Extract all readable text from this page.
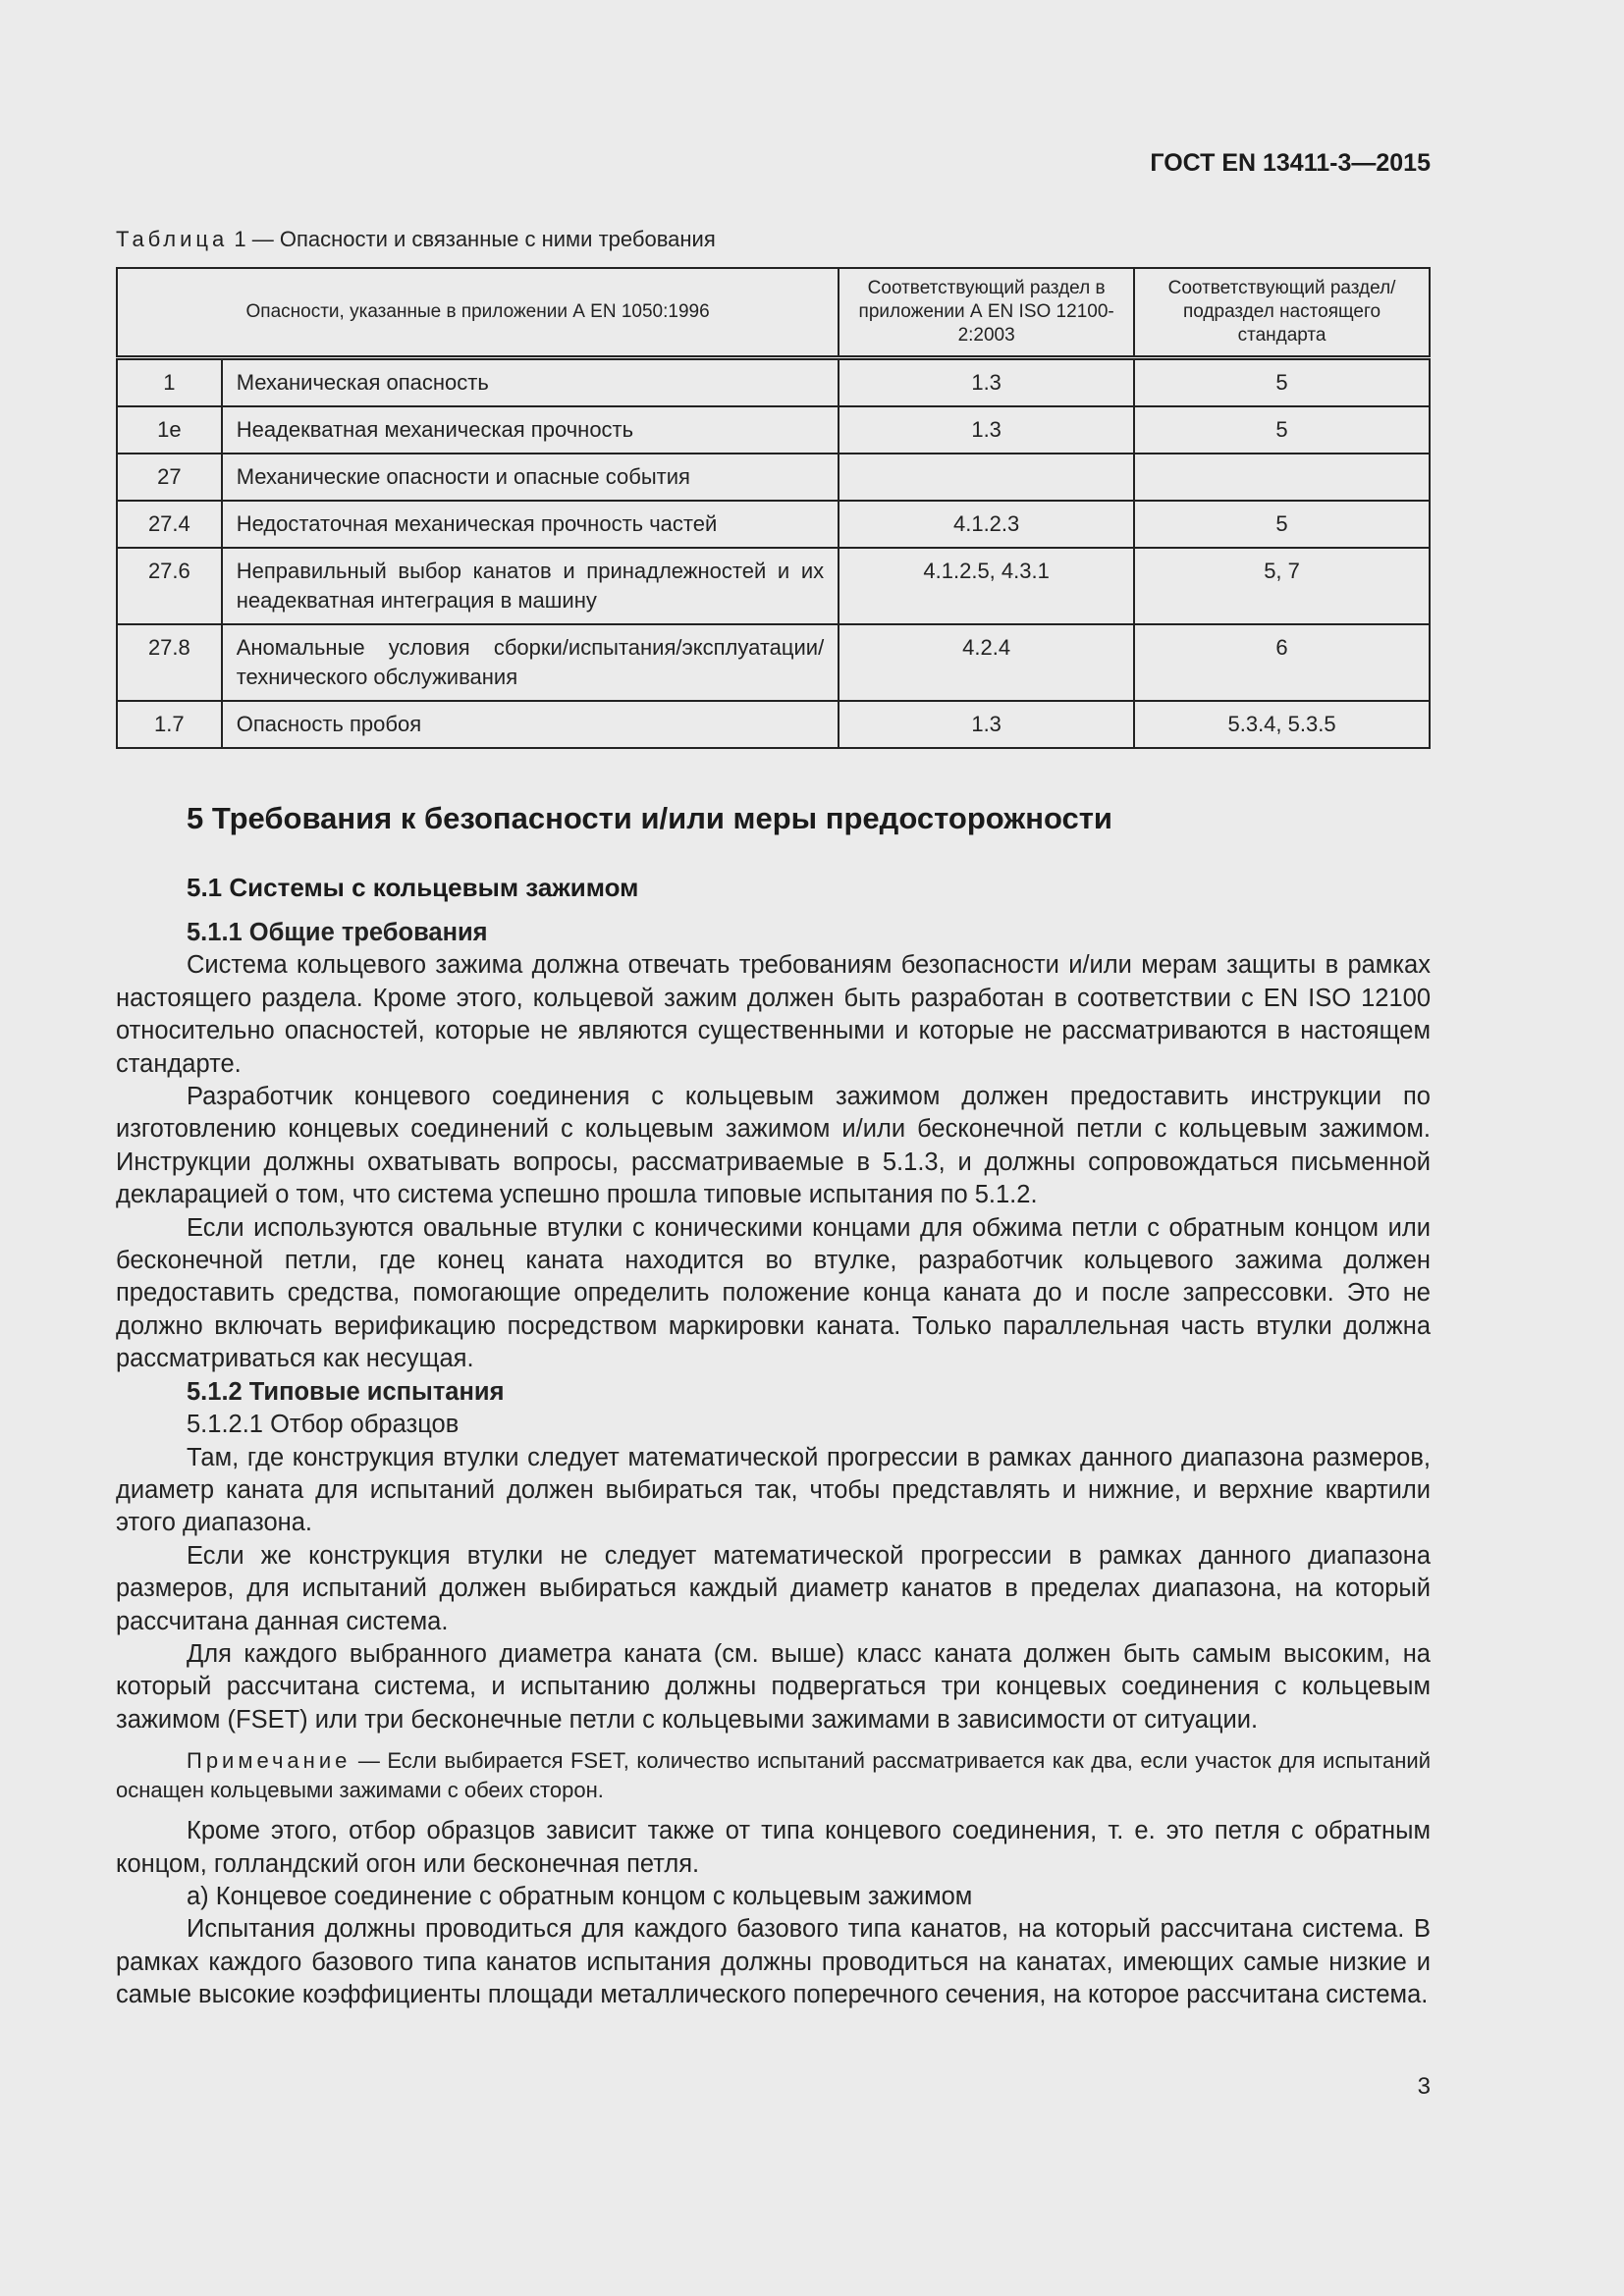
ГОСТ EN 13411-3—2015
Таблица 1 — Опасности и связанные с ними требования
Опасности, указанные в приложении А EN 1050:1996		Соответствующий раздел в приложении А EN ISO 12100-2:2003	Соответствующий раздел/ подраздел настоящего стандарта
1	Механическая опасность	1.3	5
1е	Неадекватная механическая прочность	1.3	5
27	Механические опасности и опасные события		
27.4	Недостаточная механическая прочность частей	4.1.2.3	5
27.6	Неправильный выбор канатов и принадлежностей и их неадекватная интеграция в машину	4.1.2.5, 4.3.1	5, 7
27.8	Аномальные условия сборки/испытания/эксплуатации/технического обслуживания	4.2.4	6
1.7	Опасность пробоя	1.3	5.3.4, 5.3.5
5 Требования к безопасности и/или меры предосторожности
5.1 Системы с кольцевым зажимом
5.1.1 Общие требования

Система кольцевого зажима должна отвечать требованиям безопасности и/или мерам защиты в рамках настоящего раздела. Кроме этого, кольцевой зажим должен быть разработан в соответствии с EN ISO 12100 относительно опасностей, которые не являются существенными и которые не рассматриваются в настоящем стандарте.

Разработчик концевого соединения с кольцевым зажимом должен предоставить инструкции по изготовлению концевых соединений с кольцевым зажимом и/или бесконечной петли с кольцевым зажимом. Инструкции должны охватывать вопросы, рассматриваемые в 5.1.3, и должны сопровождаться письменной декларацией о том, что система успешно прошла типовые испытания по 5.1.2.

Если используются овальные втулки с коническими концами для обжима петли с обратным концом или бесконечной петли, где конец каната находится во втулке, разработчик кольцевого зажима должен предоставить средства, помогающие определить положение конца каната до и после запрессовки. Это не должно включать верификацию посредством маркировки каната. Только параллельная часть втулки должна рассматриваться как несущая.

5.1.2 Типовые испытания
5.1.2.1 Отбор образцов

Там, где конструкция втулки следует математической прогрессии в рамках данного диапазона размеров, диаметр каната для испытаний должен выбираться так, чтобы представлять и нижние, и верхние квартили этого диапазона.

Если же конструкция втулки не следует математической прогрессии в рамках данного диапазона размеров, для испытаний должен выбираться каждый диаметр канатов в пределах диапазона, на который рассчитана данная система.

Для каждого выбранного диаметра каната (см. выше) класс каната должен быть самым высоким, на который рассчитана система, и испытанию должны подвергаться три концевых соединения с кольцевым зажимом (FSET) или три бесконечные петли с кольцевыми зажимами в зависимости от ситуации.

Примечание — Если выбирается FSET, количество испытаний рассматривается как два, если участок для испытаний оснащен кольцевыми зажимами с обеих сторон.

Кроме этого, отбор образцов зависит также от типа концевого соединения, т. е. это петля с обратным концом, голландский огон или бесконечная петля.

а) Концевое соединение с обратным концом с кольцевым зажимом

Испытания должны проводиться для каждого базового типа канатов, на который рассчитана система. В рамках каждого базового типа канатов испытания должны проводиться на канатах, имеющих самые низкие и самые высокие коэффициенты площади металлического поперечного сечения, на которое рассчитана система.

3
